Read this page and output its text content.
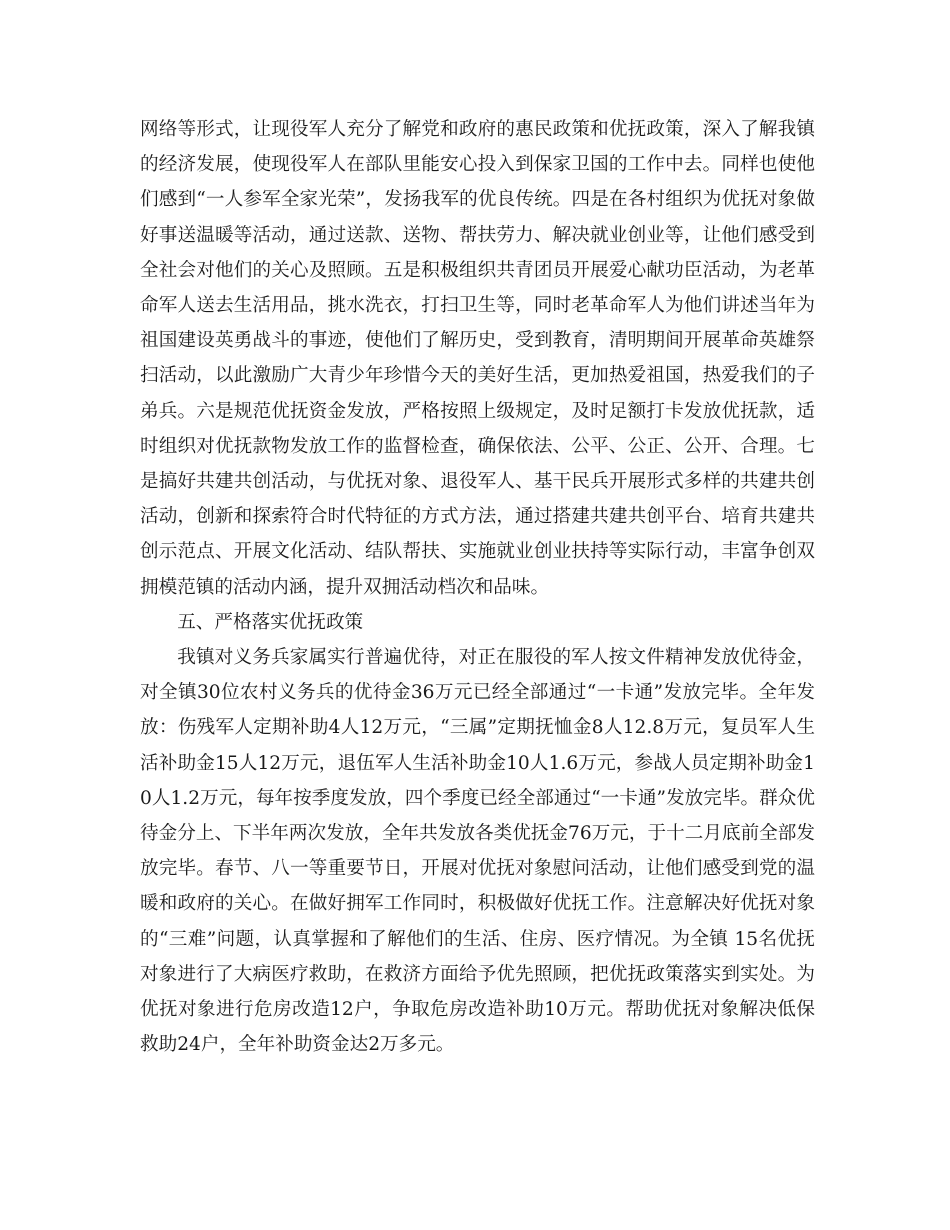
网络等形式，让现役军人充分了解党和政府的惠民政策和优抚政策，深入了解我镇的经济发展，使现役军人在部队里能安心投入到保家卫国的工作中去。同样也使他们感到“一人参军全家光荣”，发扬我军的优良传统。四是在各村组织为优抚对象做好事送温暖等活动，通过送款、送物、帮扶劳力、解决就业创业等，让他们感受到全社会对他们的关心及照顾。五是积极组织共青团员开展爱心献功臣活动，为老革命军人送去生活用品，挑水洗衣，打扫卫生等，同时老革命军人为他们讲述当年为祖国建设英勇战斗的事迹，使他们了解历史，受到教育，清明期间开展革命英雄祭扫活动，以此激励广大青少年珍惜今天的美好生活，更加热爱祖国，热爱我们的子弟兵。六是规范优抚资金发放，严格按照上级规定，及时足额打卡发放优抚款，适时组织对优抚款物发放工作的监督检查，确保依法、公平、公正、公开、合理。七是搞好共建共创活动，与优抚对象、退役军人、基干民兵开展形式多样的共建共创活动，创新和探索符合时代特征的方式方法，通过搭建共建共创平台、培育共建共创示范点、开展文化活动、结队帮扶、实施就业创业扶持等实际行动，丰富争创双拥模范镇的活动内涵，提升双拥活动档次和品味。

五、严格落实优抚政策

我镇对义务兵家属实行普遍优待，对正在服役的军人按文件精神发放优待金，对全镇30位农村义务兵的优待金36万元已经全部通过“一卡通”发放完毕。全年发放：伤残军人定期补助4人12万元，“三属”定期抚恤金8人12.8万元，复员军人生活补助金15人12万元，退伍军人生活补助金10人1.6万元，参战人员定期补助金10人1.2万元，每年按季度发放，四个季度已经全部通过“一卡通”发放完毕。群众优待金分上、下半年两次发放，全年共发放各类优抚金76万元，于十二月底前全部发放完毕。春节、八一等重要节日，开展对优抚对象慰问活动，让他们感受到党的温暖和政府的关心。在做好拥军工作同时，积极做好优抚工作。注意解决好优抚对象的“三难”问题，认真掌握和了解他们的生活、住房、医疗情况。为全镇 15名优抚对象进行了大病医疗救助，在救济方面给予优先照顾，把优抚政策落实到实处。为优抚对象进行危房改造12户，争取危房改造补助10万元。帮助优抚对象解决低保救助24户，全年补助资金达2万多元。
